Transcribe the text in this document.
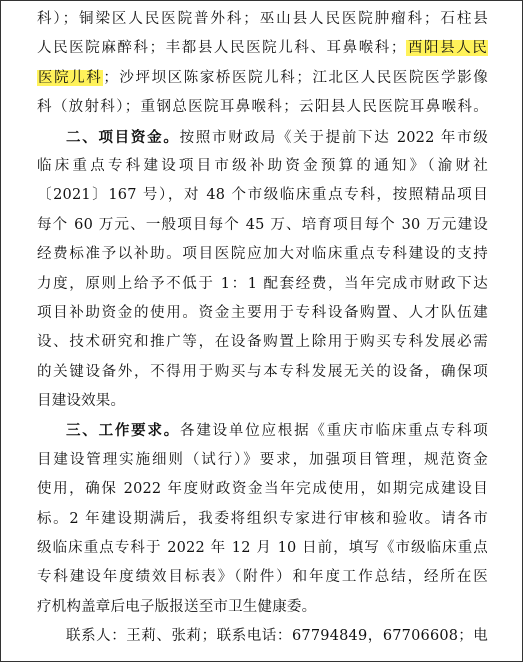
科）；铜梁区人民医院普外科；巫山县人民医院肿瘤科；石柱县
人民医院麻醉科；丰都县人民医院儿科、耳鼻喉科；酉阳县人民
医院儿科；沙坪坝区陈家桥医院儿科；江北区人民医院医学影像
科（放射科）；重钢总医院耳鼻喉科；云阳县人民医院耳鼻喉科。
二、项目资金。按照市财政局《关于提前下达 2022 年市级
临床重点专科建设项目市级补助资金预算的通知》（渝财社
〔2021〕167 号），对 48 个市级临床重点专科，按照精品项目
每个 60 万元、一般项目每个 45 万、培育项目每个 30 万元建设
经费标准予以补助。项目医院应加大对临床重点专科建设的支持
力度，原则上给予不低于 1：1 配套经费，当年完成市财政下达
项目补助资金的使用。资金主要用于专科设备购置、人才队伍建
设、技术研究和推广等，在设备购置上除用于购买专科发展必需
的关键设备外，不得用于购买与本专科发展无关的设备，确保项
目建设效果。
三、工作要求。各建设单位应根据《重庆市临床重点专科项
目建设管理实施细则（试行）》要求，加强项目管理，规范资金
使用，确保 2022 年度财政资金当年完成使用，如期完成建设目
标。2 年建设期满后，我委将组织专家进行审核和验收。请各市
级临床重点专科于 2022 年 12 月 10 日前，填写《市级临床重点
专科建设年度绩效目标表》（附件）和年度工作总结，经所在医
疗机构盖章后电子版报送至市卫生健康委。
联系人：王莉、张莉；联系电话：67794849，67706608；电
